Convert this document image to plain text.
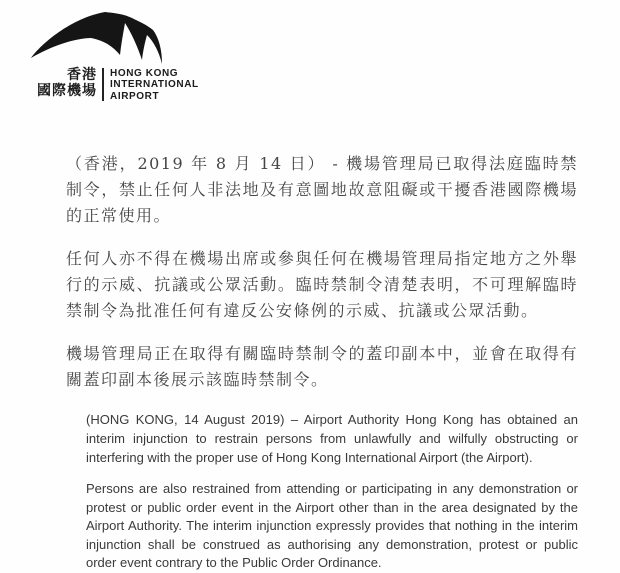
香港
國際機場
HONG KONG
INTERNATIONAL
AIRPORT

（香港，2019 年 8 月 14 日） - 機場管理局已取得法庭臨時禁制令，禁止任何人非法地及有意圖地故意阻礙或干擾香港國際機場的正常使用。

任何人亦不得在機場出席或參與任何在機場管理局指定地方之外舉行的示威、抗議或公眾活動。臨時禁制令清楚表明，不可理解臨時禁制令為批准任何有違反公安條例的示威、抗議或公眾活動。

機場管理局正在取得有關臨時禁制令的蓋印副本中，並會在取得有關蓋印副本後展示該臨時禁制令。

(HONG KONG, 14 August 2019) – Airport Authority Hong Kong has obtained an interim injunction to restrain persons from unlawfully and wilfully obstructing or interfering with the proper use of Hong Kong International Airport (the Airport).

Persons are also restrained from attending or participating in any demonstration or protest or public order event in the Airport other than in the area designated by the Airport Authority. The interim injunction expressly provides that nothing in the interim injunction shall be construed as authorising any demonstration, protest or public order event contrary to the Public Order Ordinance.
